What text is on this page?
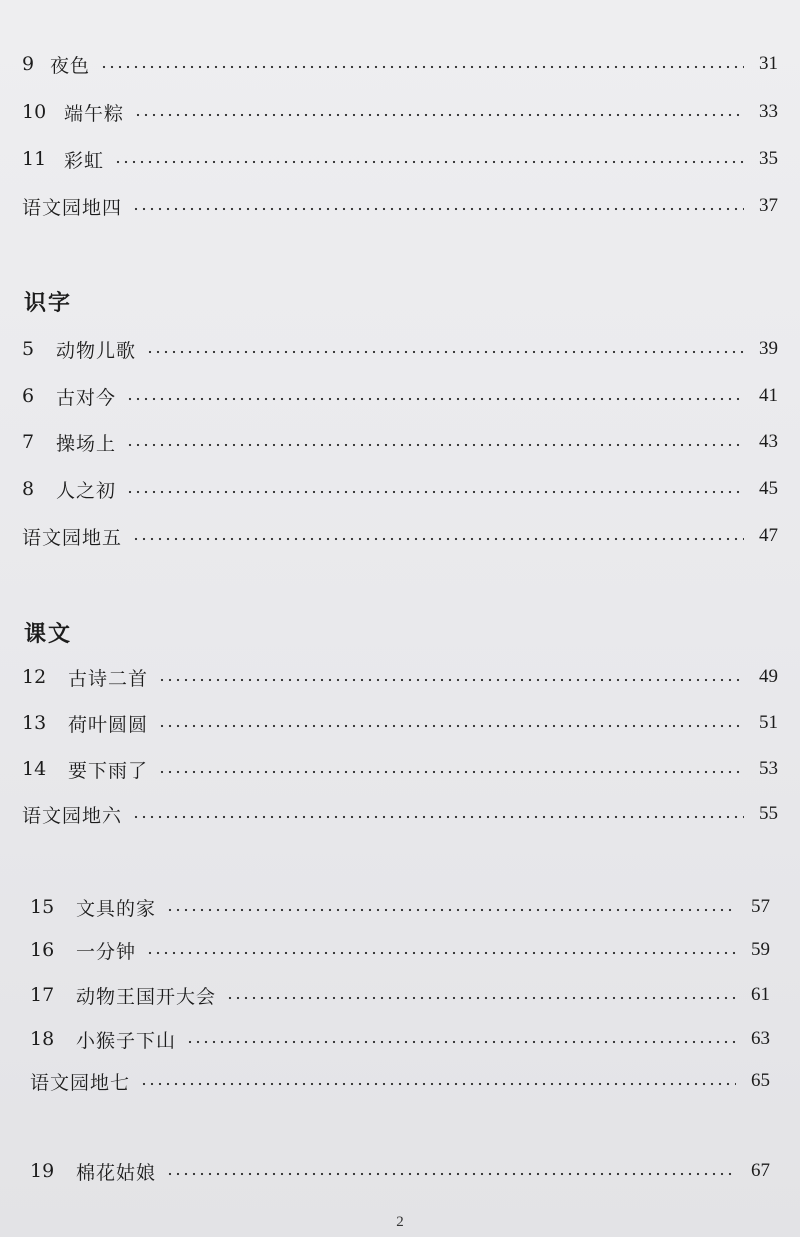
9 夜色	31
10 端午粽	33
11 彩虹	35
语文园地四	37
识字
5	动物儿歌	39
6	古对今	41
7	操场上	43
8	人之初	45
语文园地五	47
课文
12	古诗二首	49
13	荷叶圆圆	51
14	要下雨了	53
语文园地六	55
15	文具的家	57
16	一分钟	59
17	动物王国开大会	61
18	小猴子下山	63
语文园地七	65
19	棉花姑娘	67
2
